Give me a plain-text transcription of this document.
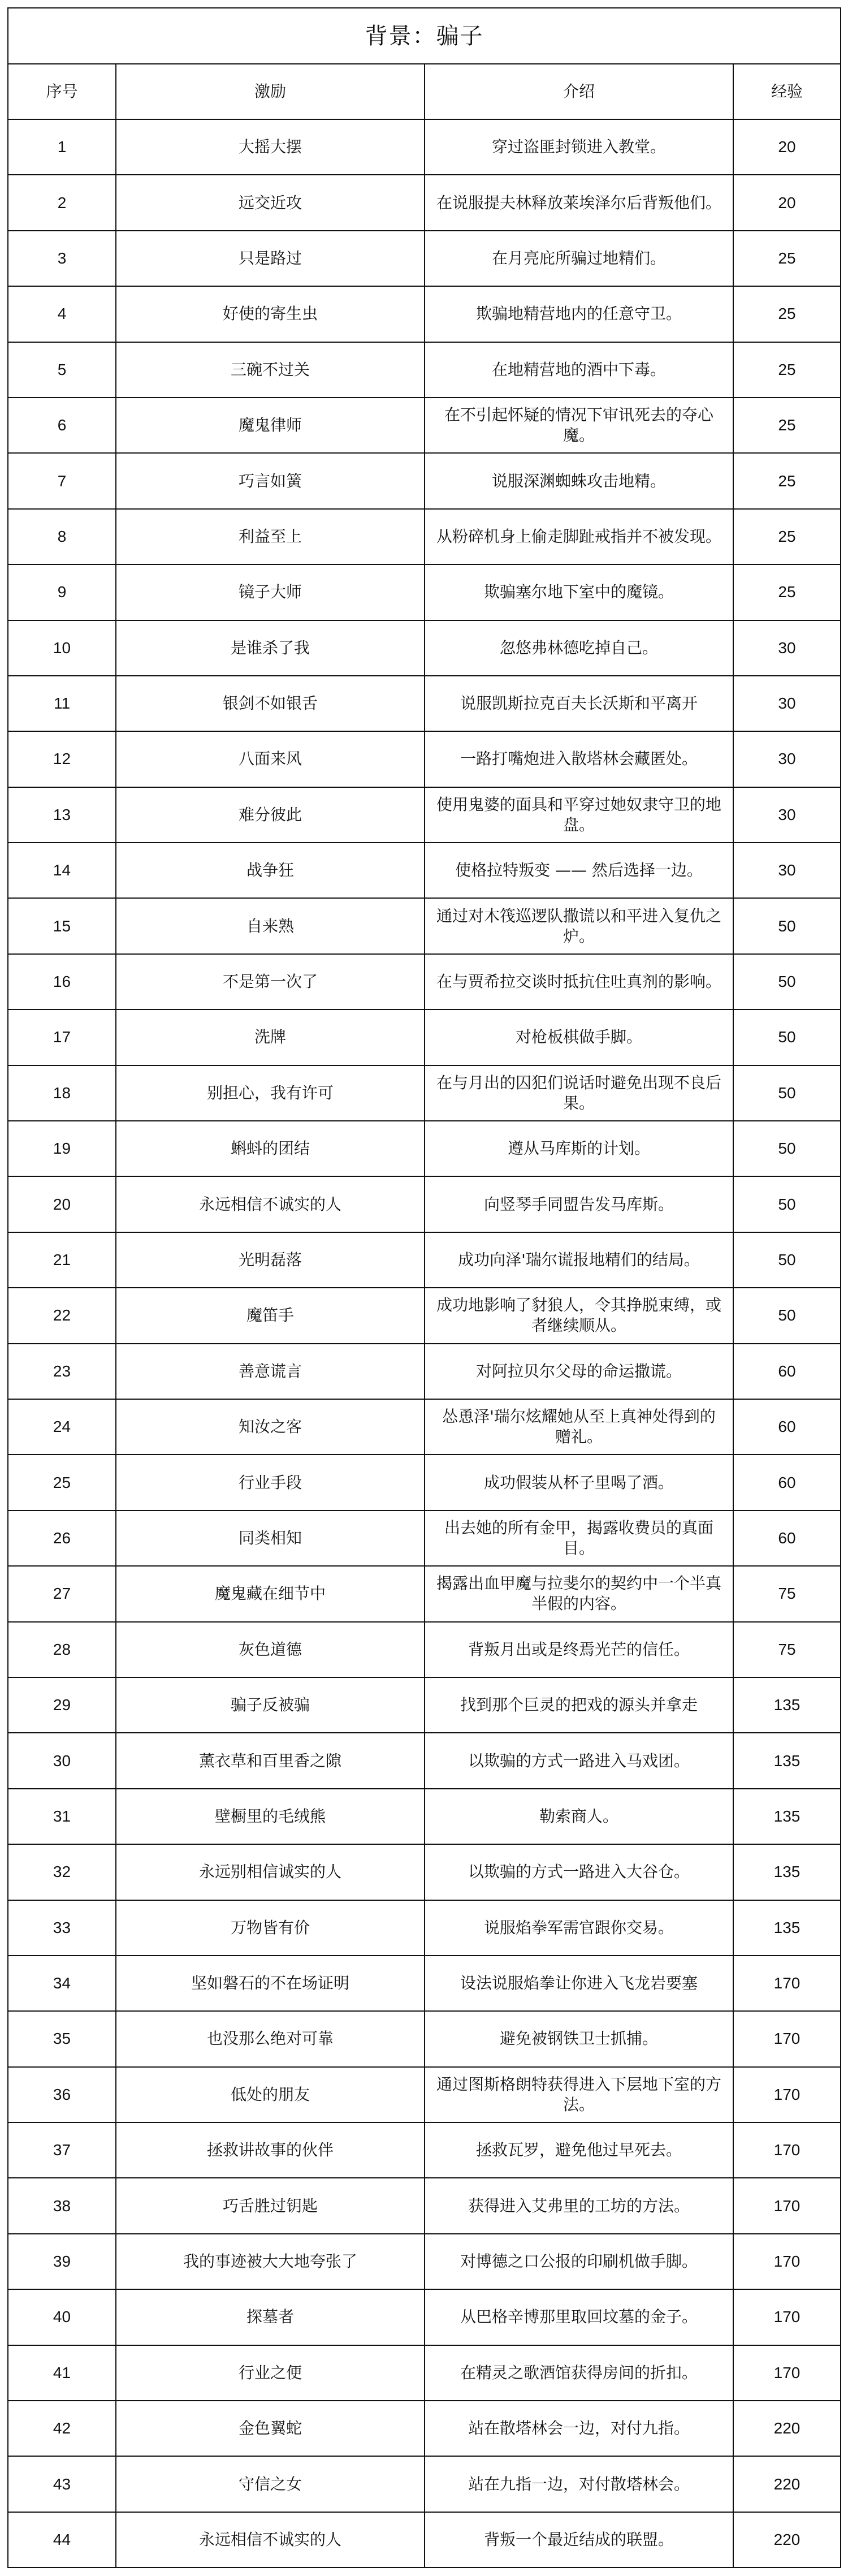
背景：骗子			
序号	激励	介绍	经验
1	大摇大摆	穿过盗匪封锁进入教堂。	20
2	远交近攻	在说服提夫林释放莱埃泽尔后背叛他们。	20
3	只是路过	在月亮庇所骗过地精们。	25
4	好使的寄生虫	欺骗地精营地内的任意守卫。	25
5	三碗不过关	在地精营地的酒中下毒。	25
6	魔鬼律师	在不引起怀疑的情况下审讯死去的夺心魔。	25
7	巧言如簧	说服深渊蜘蛛攻击地精。	25
8	利益至上	从粉碎机身上偷走脚趾戒指并不被发现。	25
9	镜子大师	欺骗塞尔地下室中的魔镜。	25
10	是谁杀了我	忽悠弗林德吃掉自己。	30
11	银剑不如银舌	说服凯斯拉克百夫长沃斯和平离开	30
12	八面来风	一路打嘴炮进入散塔林会藏匿处。	30
13	难分彼此	使用鬼婆的面具和平穿过她奴隶守卫的地盘。	30
14	战争狂	使格拉特叛变 —— 然后选择一边。	30
15	自来熟	通过对木筏巡逻队撒谎以和平进入复仇之炉。	50
16	不是第一次了	在与贾希拉交谈时抵抗住吐真剂的影响。	50
17	洗牌	对枪板棋做手脚。	50
18	别担心，我有许可	在与月出的囚犯们说话时避免出现不良后果。	50
19	蝌蚪的团结	遵从马库斯的计划。	50
20	永远相信不诚实的人	向竖琴手同盟告发马库斯。	50
21	光明磊落	成功向泽'瑞尔谎报地精们的结局。	50
22	魔笛手	成功地影响了豺狼人，令其挣脱束缚，或者继续顺从。	50
23	善意谎言	对阿拉贝尔父母的命运撒谎。	60
24	知汝之客	怂恿泽'瑞尔炫耀她从至上真神处得到的赠礼。	60
25	行业手段	成功假装从杯子里喝了酒。	60
26	同类相知	出去她的所有金甲，揭露收费员的真面目。	60
27	魔鬼藏在细节中	揭露出血甲魔与拉斐尔的契约中一个半真半假的内容。	75
28	灰色道德	背叛月出或是终焉光芒的信任。	75
29	骗子反被骗	找到那个巨灵的把戏的源头并拿走	135
30	薰衣草和百里香之隙	以欺骗的方式一路进入马戏团。	135
31	壁橱里的毛绒熊	勒索商人。	135
32	永远别相信诚实的人	以欺骗的方式一路进入大谷仓。	135
33	万物皆有价	说服焰拳军需官跟你交易。	135
34	坚如磐石的不在场证明	设法说服焰拳让你进入飞龙岩要塞	170
35	也没那么绝对可靠	避免被钢铁卫士抓捕。	170
36	低处的朋友	通过图斯格朗特获得进入下层地下室的方法。	170
37	拯救讲故事的伙伴	拯救瓦罗，避免他过早死去。	170
38	巧舌胜过钥匙	获得进入艾弗里的工坊的方法。	170
39	我的事迹被大大地夸张了	对博德之口公报的印刷机做手脚。	170
40	探墓者	从巴格辛博那里取回坟墓的金子。	170
41	行业之便	在精灵之歌酒馆获得房间的折扣。	170
42	金色翼蛇	站在散塔林会一边，对付九指。	220
43	守信之女	站在九指一边，对付散塔林会。	220
44	永远相信不诚实的人	背叛一个最近结成的联盟。	220
